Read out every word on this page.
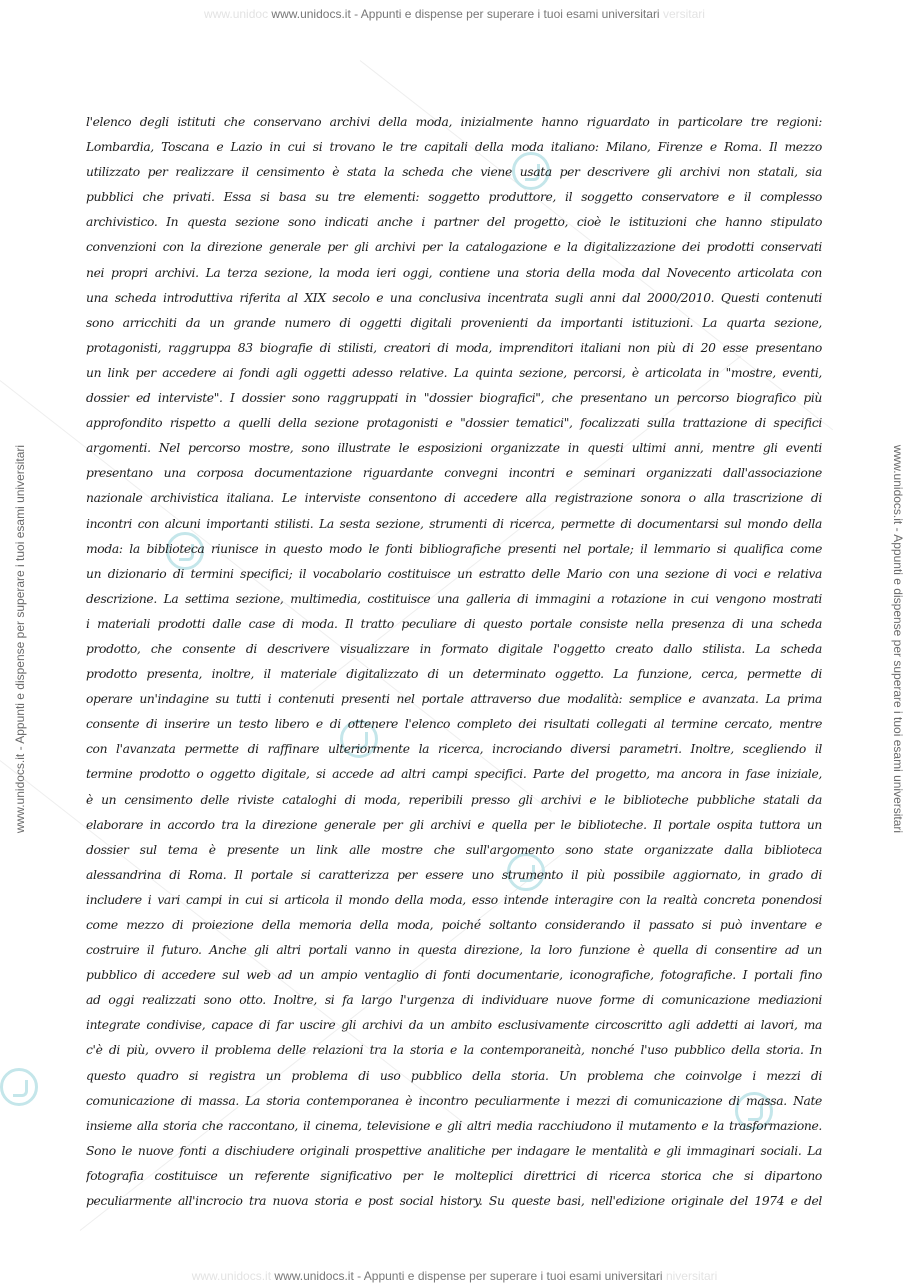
www.unidoc www.unidocs.it - Appunti e dispense per superare i tuoi esami universitari versitari
www.unidocs.it - Appunti e dispense per superare i tuoi esami universitari	www.unidocs.it - Appunti e dispense per superare i tuoi esami universitari
l'elenco degli istituti che conservano archivi della moda, inizialmente hanno riguardato in particolare tre regioni:
Lombardia, Toscana e Lazio in cui si trovano le tre capitali della moda italiano: Milano, Firenze e Roma. Il mezzo
utilizzato per realizzare il censimento è stata la scheda che viene usata per descrivere gli archivi non statali, sia
pubblici che privati. Essa si basa su tre elementi: soggetto produttore, il soggetto conservatore e il complesso
archivistico. In questa sezione sono indicati anche i partner del progetto, cioè le istituzioni che hanno stipulato
convenzioni con la direzione generale per gli archivi per la catalogazione e la digitalizzazione dei prodotti conservati
nei propri archivi. La terza sezione, la moda ieri oggi, contiene una storia della moda dal Novecento articolata con
una scheda introduttiva riferita al XIX secolo e una conclusiva incentrata sugli anni dal 2000/2010. Questi contenuti
sono arricchiti da un grande numero di oggetti digitali provenienti da importanti istituzioni. La quarta sezione,
protagonisti, raggruppa 83 biografie di stilisti, creatori di moda, imprenditori italiani non più di 20 esse presentano
un link per accedere ai fondi agli oggetti adesso relative. La quinta sezione, percorsi, è articolata in "mostre, eventi,
dossier ed interviste". I dossier sono raggruppati in "dossier biografici", che presentano un percorso biografico più
approfondito rispetto a quelli della sezione protagonisti e "dossier tematici", focalizzati sulla trattazione di specifici
argomenti. Nel percorso mostre, sono illustrate le esposizioni organizzate in questi ultimi anni, mentre gli eventi
presentano una corposa documentazione riguardante convegni incontri e seminari organizzati dall'associazione
nazionale archivistica italiana. Le interviste consentono di accedere alla registrazione sonora o alla trascrizione di
incontri con alcuni importanti stilisti. La sesta sezione, strumenti di ricerca, permette di documentarsi sul mondo della
moda: la biblioteca riunisce in questo modo le fonti bibliografiche presenti nel portale; il lemmario si qualifica come
un dizionario di termini specifici; il vocabolario costituisce un estratto delle Mario con una sezione di voci e relativa
descrizione. La settima sezione, multimedia, costituisce una galleria di immagini a rotazione in cui vengono mostrati
i materiali prodotti dalle case di moda. Il tratto peculiare di questo portale consiste nella presenza di una scheda
prodotto, che consente di descrivere visualizzare in formato digitale l'oggetto creato dallo stilista. La scheda
prodotto presenta, inoltre, il materiale digitalizzato di un determinato oggetto. La funzione, cerca, permette di
operare un'indagine su tutti i contenuti presenti nel portale attraverso due modalità: semplice e avanzata. La prima
consente di inserire un testo libero e di ottenere l'elenco completo dei risultati collegati al termine cercato, mentre
con l'avanzata permette di raffinare ulteriormente la ricerca, incrociando diversi parametri. Inoltre, scegliendo il
termine prodotto o oggetto digitale, si accede ad altri campi specifici. Parte del progetto, ma ancora in fase iniziale,
è un censimento delle riviste cataloghi di moda, reperibili presso gli archivi e le biblioteche pubbliche statali da
elaborare in accordo tra la direzione generale per gli archivi e quella per le biblioteche. Il portale ospita tuttora un
dossier sul tema è presente un link alle mostre che sull'argomento sono state organizzate dalla biblioteca
alessandrina di Roma. Il portale si caratterizza per essere uno strumento il più possibile aggiornato, in grado di
includere i vari campi in cui si articola il mondo della moda, esso intende interagire con la realtà concreta ponendosi
come mezzo di proiezione della memoria della moda, poiché soltanto considerando il passato si può inventare e
costruire il futuro. Anche gli altri portali vanno in questa direzione, la loro funzione è quella di consentire ad un
pubblico di accedere sul web ad un ampio ventaglio di fonti documentarie, iconografiche, fotografiche. I portali fino
ad oggi realizzati sono otto. Inoltre, si fa largo l'urgenza di individuare nuove forme di comunicazione mediazioni
integrate condivise, capace di far uscire gli archivi da un ambito esclusivamente circoscritto agli addetti ai lavori, ma
c'è di più, ovvero il problema delle relazioni tra la storia e la contemporaneità, nonché l'uso pubblico della storia. In
questo quadro si registra un problema di uso pubblico della storia. Un problema che coinvolge i mezzi di
comunicazione di massa. La storia contemporanea è incontro peculiarmente i mezzi di comunicazione di massa. Nate
insieme alla storia che raccontano, il cinema, televisione e gli altri media racchiudono il mutamento e la trasformazione.
Sono le nuove fonti a dischiudere originali prospettive analitiche per indagare le mentalità e gli immaginari sociali. La
fotografia costituisce un referente significativo per le molteplici direttrici di ricerca storica che si dipartono
peculiarmente all'incrocio tra nuova storia e post social history. Su queste basi, nell'edizione originale del 1974 e del
www.unidocs.it www.unidocs.it - Appunti e dispense per superare i tuoi esami universitari niversitari
